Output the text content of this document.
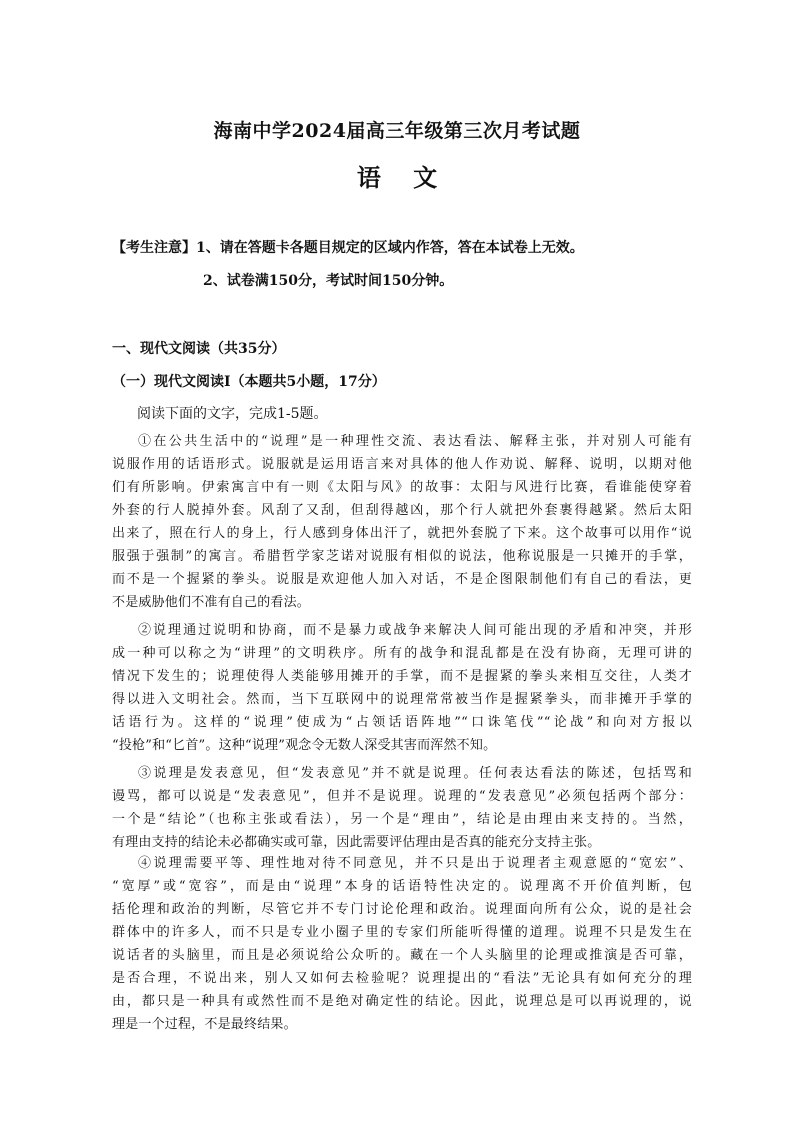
海南中学2024届高三年级第三次月考试题
语 文
【考生注意】1、请在答题卡各题目规定的区域内作答，答在本试卷上无效。
2、试卷满150分，考试时间150分钟。
一、现代文阅读（共35分）
（一）现代文阅读Ⅰ（本题共5小题，17分）
阅读下面的文字，完成1-5题。
①在公共生活中的“说理”是一种理性交流、表达看法、解释主张，并对别人可能有
说服作用的话语形式。说服就是运用语言来对具体的他人作劝说、解释、说明，以期对他
们有所影响。伊索寓言中有一则《太阳与风》的故事：太阳与风进行比赛，看谁能使穿着
外套的行人脱掉外套。风刮了又刮，但刮得越凶，那个行人就把外套裹得越紧。然后太阳
出来了，照在行人的身上，行人感到身体出汗了，就把外套脱了下来。这个故事可以用作“说
服强于强制”的寓言。希腊哲学家芝诺对说服有相似的说法，他称说服是一只摊开的手掌，
而不是一个握紧的拳头。说服是欢迎他人加入对话，不是企图限制他们有自己的看法，更
不是威胁他们不准有自己的看法。
②说理通过说明和协商，而不是暴力或战争来解决人间可能出现的矛盾和冲突，并形
成一种可以称之为“讲理”的文明秩序。所有的战争和混乱都是在没有协商，无理可讲的
情况下发生的；说理使得人类能够用摊开的手掌，而不是握紧的拳头来相互交往，人类才
得以进入文明社会。然而，当下互联网中的说理常常被当作是握紧拳头，而非摊开手掌的
话语行为。这样的“说理”使成为“占领话语阵地”“口诛笔伐”“论战”和向对方报以
“投枪”和“匕首”。这种“说理”观念令无数人深受其害而浑然不知。
③说理是发表意见，但“发表意见”并不就是说理。任何表达看法的陈述，包括骂和
谩骂，都可以说是“发表意见”，但并不是说理。说理的“发表意见”必须包括两个部分：
一个是“结论”（也称主张或看法），另一个是“理由”，结论是由理由来支持的。当然，
有理由支持的结论未必都确实或可靠，因此需要评估理由是否真的能充分支持主张。
④说理需要平等、理性地对待不同意见，并不只是出于说理者主观意愿的“宽宏”、
“宽厚”或“宽容”，而是由“说理”本身的话语特性决定的。说理离不开价值判断，包
括伦理和政治的判断，尽管它并不专门讨论伦理和政治。说理面向所有公众，说的是社会
群体中的许多人，而不只是专业小圈子里的专家们所能听得懂的道理。说理不只是发生在
说话者的头脑里，而且是必须说给公众听的。藏在一个人头脑里的论理或推演是否可靠，
是否合理，不说出来，别人又如何去检验呢？说理提出的“看法”无论具有如何充分的理
由，都只是一种具有或然性而不是绝对确定性的结论。因此，说理总是可以再说理的，说
理是一个过程，不是最终结果。
